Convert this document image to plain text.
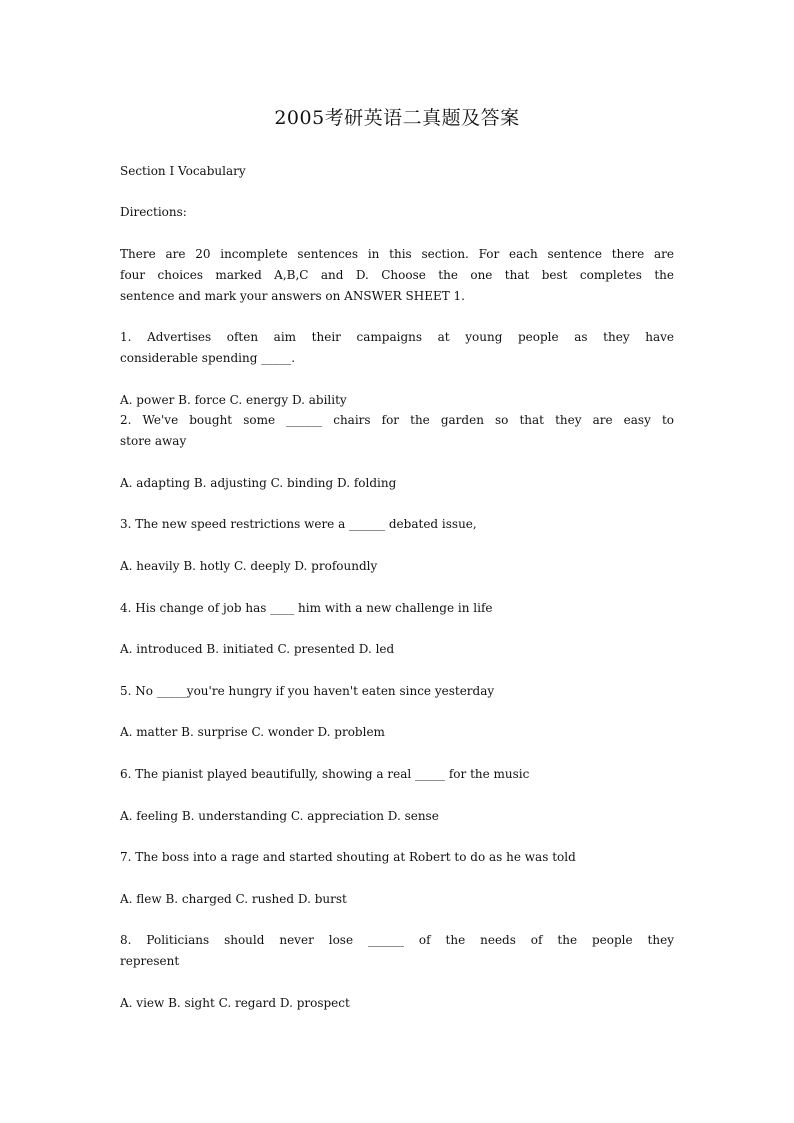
2005考研英语二真题及答案
Section I Vocabulary
Directions:
There are 20 incomplete sentences in this section. For each sentence there are
four choices marked A,B,C and D. Choose the one that best completes the
sentence and mark your answers on ANSWER SHEET 1.
1. Advertises often aim their campaigns at young people as they have
considerable spending _____.
A. power B. force C. energy D. ability
2. We've bought some ______ chairs for the garden so that they are easy to
store away
A. adapting B. adjusting C. binding D. folding
3. The new speed restrictions were a ______ debated issue,
A. heavily B. hotly C. deeply D. profoundly
4. His change of job has ____ him with a new challenge in life
A. introduced B. initiated C. presented D. led
5. No _____you're hungry if you haven't eaten since yesterday
A. matter B. surprise C. wonder D. problem
6. The pianist played beautifully, showing a real _____ for the music
A. feeling B. understanding C. appreciation D. sense
7. The boss into a rage and started shouting at Robert to do as he was told
A. flew B. charged C. rushed D. burst
8. Politicians should never lose ______ of the needs of the people they
represent
A. view B. sight C. regard D. prospect
